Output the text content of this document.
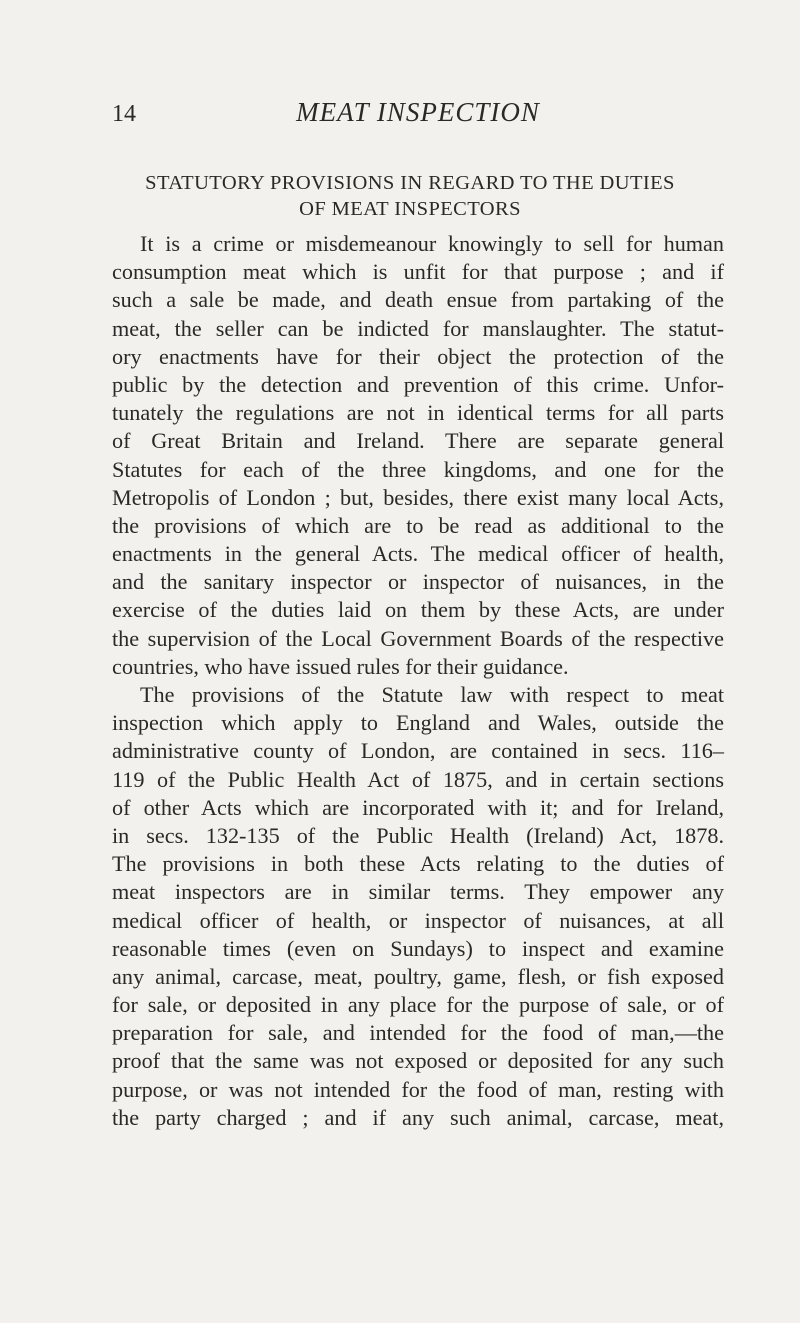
14	MEAT INSPECTION
STATUTORY PROVISIONS IN REGARD TO THE DUTIES
OF MEAT INSPECTORS
It is a crime or misdemeanour knowingly to sell for human
consumption meat which is unfit for that purpose ; and if
such a sale be made, and death ensue from partaking of the
meat, the seller can be indicted for manslaughter. The statut-
ory enactments have for their object the protection of the
public by the detection and prevention of this crime. Unfor-
tunately the regulations are not in identical terms for all parts
of Great Britain and Ireland. There are separate general
Statutes for each of the three kingdoms, and one for the
Metropolis of London ; but, besides, there exist many local Acts,
the provisions of which are to be read as additional to the
enactments in the general Acts. The medical officer of health,
and the sanitary inspector or inspector of nuisances, in the
exercise of the duties laid on them by these Acts, are under
the supervision of the Local Government Boards of the respective
countries, who have issued rules for their guidance.
The provisions of the Statute law with respect to meat
inspection which apply to England and Wales, outside the
administrative county of London, are contained in secs. 116–
119 of the Public Health Act of 1875, and in certain sections
of other Acts which are incorporated with it; and for Ireland,
in secs. 132-135 of the Public Health (Ireland) Act, 1878.
The provisions in both these Acts relating to the duties of
meat inspectors are in similar terms. They empower any
medical officer of health, or inspector of nuisances, at all
reasonable times (even on Sundays) to inspect and examine
any animal, carcase, meat, poultry, game, flesh, or fish exposed
for sale, or deposited in any place for the purpose of sale, or of
preparation for sale, and intended for the food of man,—the
proof that the same was not exposed or deposited for any such
purpose, or was not intended for the food of man, resting with
the party charged ; and if any such animal, carcase, meat,
